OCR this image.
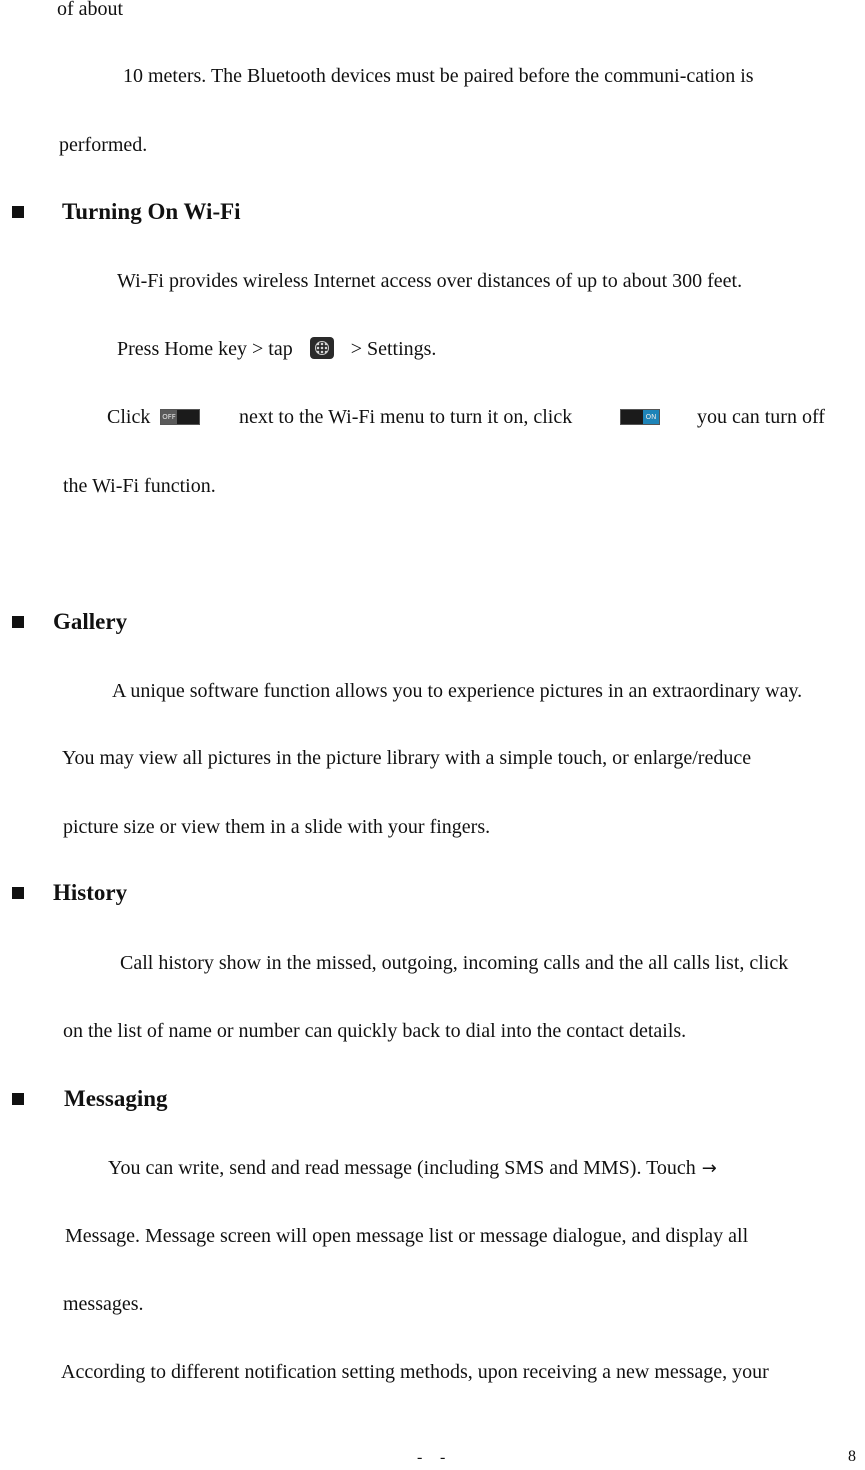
of about
10 meters. The Bluetooth devices must be paired before the communi-cation is
performed.
Turning On Wi-Fi
Wi-Fi provides wireless Internet access over distances of up to about 300 feet.
Press Home key > tap	> Settings.
Click OFF	next to the Wi-Fi menu to turn it on, click	ON you can turn off
the Wi-Fi function.
Gallery
A unique software function allows you to experience pictures in an extraordinary way.
You may view all pictures in the picture library with a simple touch, or enlarge/reduce
picture size or view them in a slide with your fingers.
History
Call history show in the missed, outgoing, incoming calls and the all calls list, click
on the list of name or number can quickly back to dial into the contact details.
Messaging
You can write, send and read message (including SMS and MMS). Touch →
Message. Message screen will open message list or message dialogue, and display all
messages.
According to different notification setting methods, upon receiving a new message, your
- -	8
